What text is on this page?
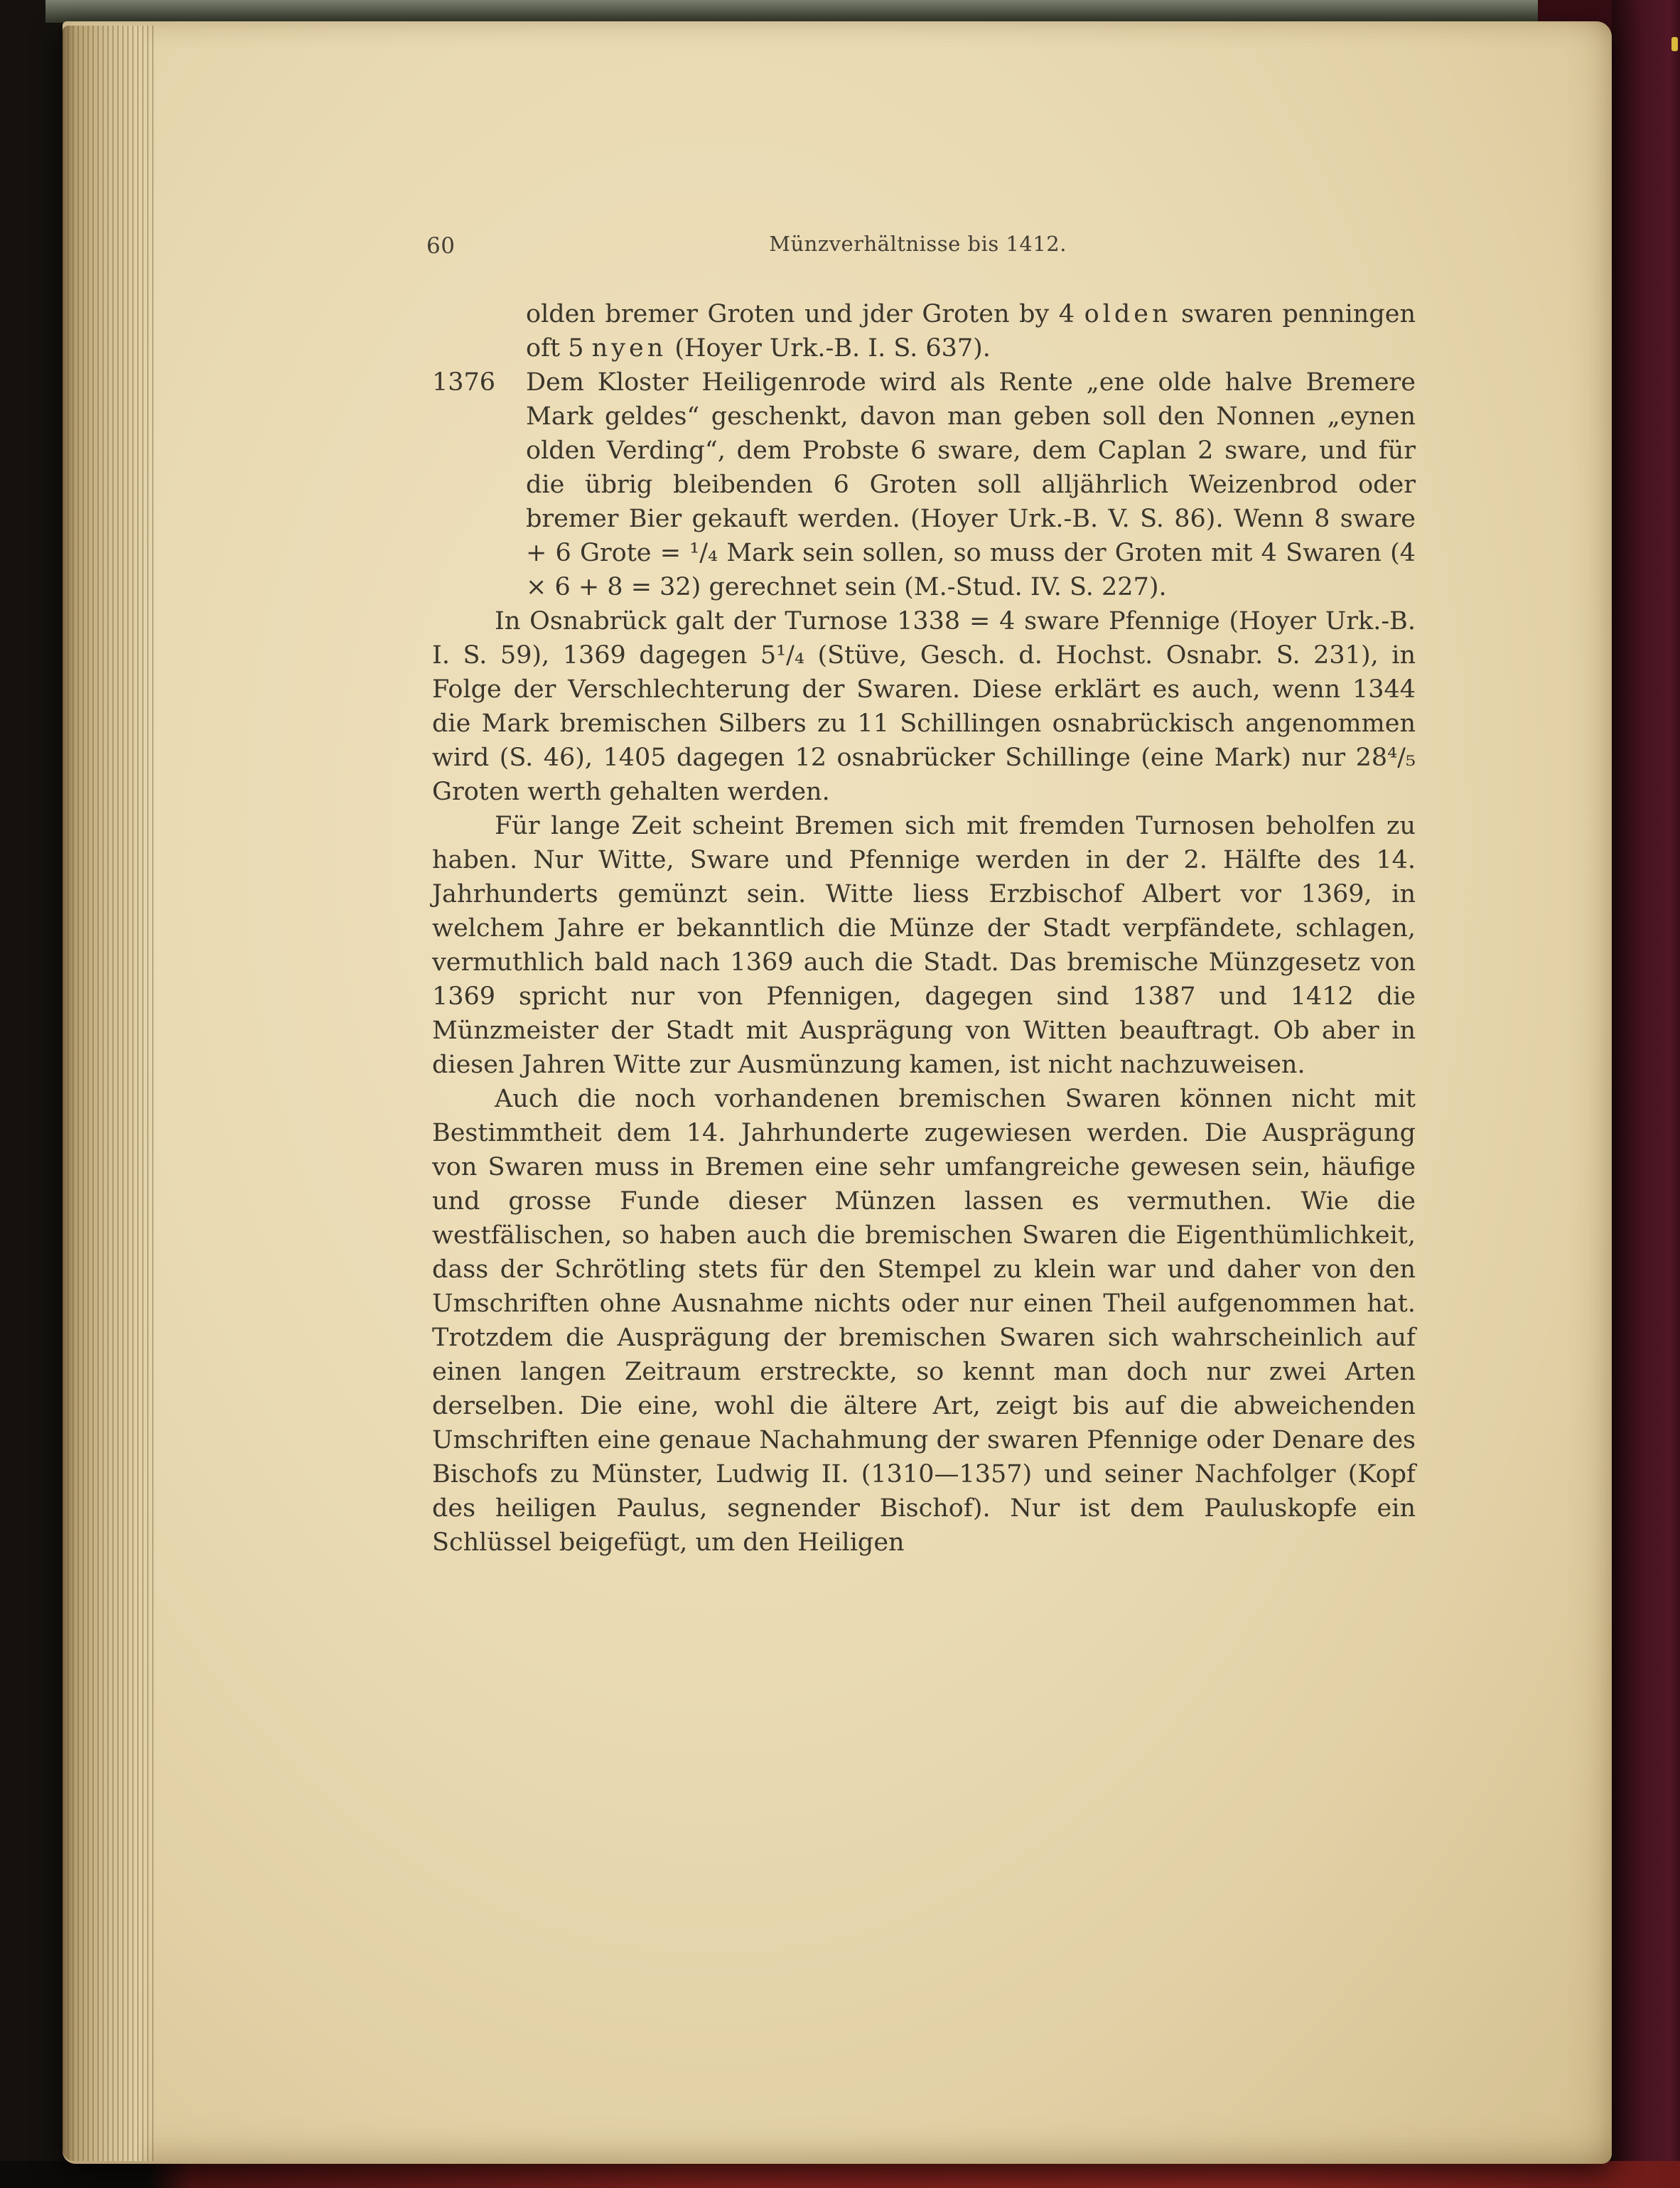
60	Münzverhältnisse bis 1412.

olden bremer Groten und jder Groten by 4 olden swaren penningen oft 5 nyen (Hoyer Urk.-B. I. S. 637).

1376 Dem Kloster Heiligenrode wird als Rente „ene olde halve Bremere Mark geldes“ geschenkt, davon man geben soll den Nonnen „eynen olden Verding“, dem Probste 6 sware, dem Caplan 2 sware, und für die übrig bleibenden 6 Groten soll alljährlich Weizenbrod oder bremer Bier gekauft werden. (Hoyer Urk.-B. V. S. 86). Wenn 8 sware + 6 Grote = ¹/₄ Mark sein sollen, so muss der Groten mit 4 Swaren (4 × 6 + 8 = 32) gerechnet sein (M.-Stud. IV. S. 227).

In Osnabrück galt der Turnose 1338 = 4 sware Pfennige (Hoyer Urk.-B. I. S. 59), 1369 dagegen 5¹/₄ (Stüve, Gesch. d. Hochst. Osnabr. S. 231), in Folge der Verschlechterung der Swaren. Diese erklärt es auch, wenn 1344 die Mark bremischen Silbers zu 11 Schillingen osnabrückisch angenommen wird (S. 46), 1405 dagegen 12 osnabrücker Schillinge (eine Mark) nur 28⁴/₅ Groten werth gehalten werden.

Für lange Zeit scheint Bremen sich mit fremden Turnosen beholfen zu haben. Nur Witte, Sware und Pfennige werden in der 2. Hälfte des 14. Jahrhunderts gemünzt sein. Witte liess Erzbischof Albert vor 1369, in welchem Jahre er bekanntlich die Münze der Stadt verpfändete, schlagen, vermuthlich bald nach 1369 auch die Stadt. Das bremische Münzgesetz von 1369 spricht nur von Pfennigen, dagegen sind 1387 und 1412 die Münzmeister der Stadt mit Ausprägung von Witten beauftragt. Ob aber in diesen Jahren Witte zur Ausmünzung kamen, ist nicht nachzuweisen.

Auch die noch vorhandenen bremischen Swaren können nicht mit Bestimmtheit dem 14. Jahrhunderte zugewiesen werden. Die Ausprägung von Swaren muss in Bremen eine sehr umfangreiche gewesen sein, häufige und grosse Funde dieser Münzen lassen es vermuthen. Wie die westfälischen, so haben auch die bremischen Swaren die Eigenthümlichkeit, dass der Schrötling stets für den Stempel zu klein war und daher von den Umschriften ohne Ausnahme nichts oder nur einen Theil aufgenommen hat. Trotzdem die Ausprägung der bremischen Swaren sich wahrscheinlich auf einen langen Zeitraum erstreckte, so kennt man doch nur zwei Arten derselben. Die eine, wohl die ältere Art, zeigt bis auf die abweichenden Umschriften eine genaue Nachahmung der swaren Pfennige oder Denare des Bischofs zu Münster, Ludwig II. (1310—1357) und seiner Nachfolger (Kopf des heiligen Paulus, segnender Bischof). Nur ist dem Pauluskopfe ein Schlüssel beigefügt, um den Heiligen
